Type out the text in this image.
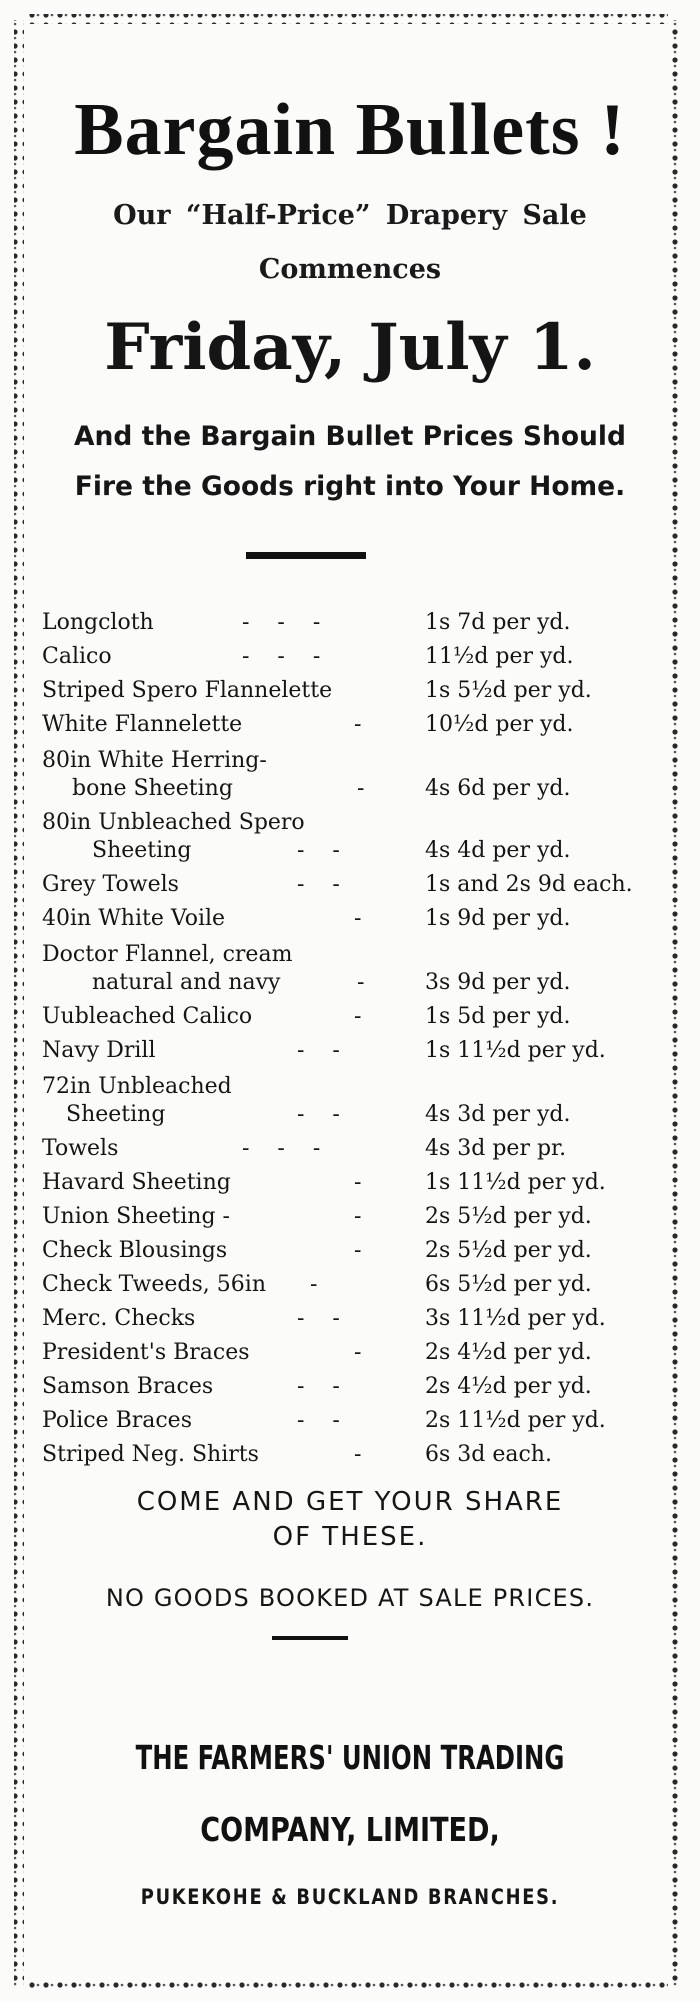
Bargain Bullets !
Our “Half-Price” Drapery Sale
Commences
Friday, July 1.
And the Bargain Bullet Prices Should
Fire the Goods right into Your Home.
Longcloth	-    -    -	1s 7d per yd.
Calico	-    -    -	11½d per yd.
Striped Spero Flannelette	1s 5½d per yd.
White Flannelette	-	10½d per yd.
80in White Herring-
bone Sheeting	-	4s 6d per yd.
80in Unbleached Spero
Sheeting	-    -	4s 4d per yd.
Grey Towels	-    -	1s and 2s 9d each.
40in White Voile	-	1s 9d per yd.
Doctor Flannel, cream
natural and navy	-	3s 9d per yd.
Uubleached Calico	-	1s 5d per yd.
Navy Drill	-    -	1s 11½d per yd.
72in Unbleached
Sheeting	-    -	4s 3d per yd.
Towels	-    -    -	4s 3d per pr.
Havard Sheeting	-	1s 11½d per yd.
Union Sheeting -	-	2s 5½d per yd.
Check Blousings	-	2s 5½d per yd.
Check Tweeds, 56in -	6s 5½d per yd.
Merc. Checks	-    -	3s 11½d per yd.
President's Braces	-	2s 4½d per yd.
Samson Braces	-    -	2s 4½d per yd.
Police Braces	-    -	2s 11½d per yd.
Striped Neg. Shirts	-	6s 3d each.
COME AND GET YOUR SHARE
OF THESE.
NO GOODS BOOKED AT SALE PRICES.
THE FARMERS' UNION TRADING
COMPANY, LIMITED,
PUKEKOHE & BUCKLAND BRANCHES.
